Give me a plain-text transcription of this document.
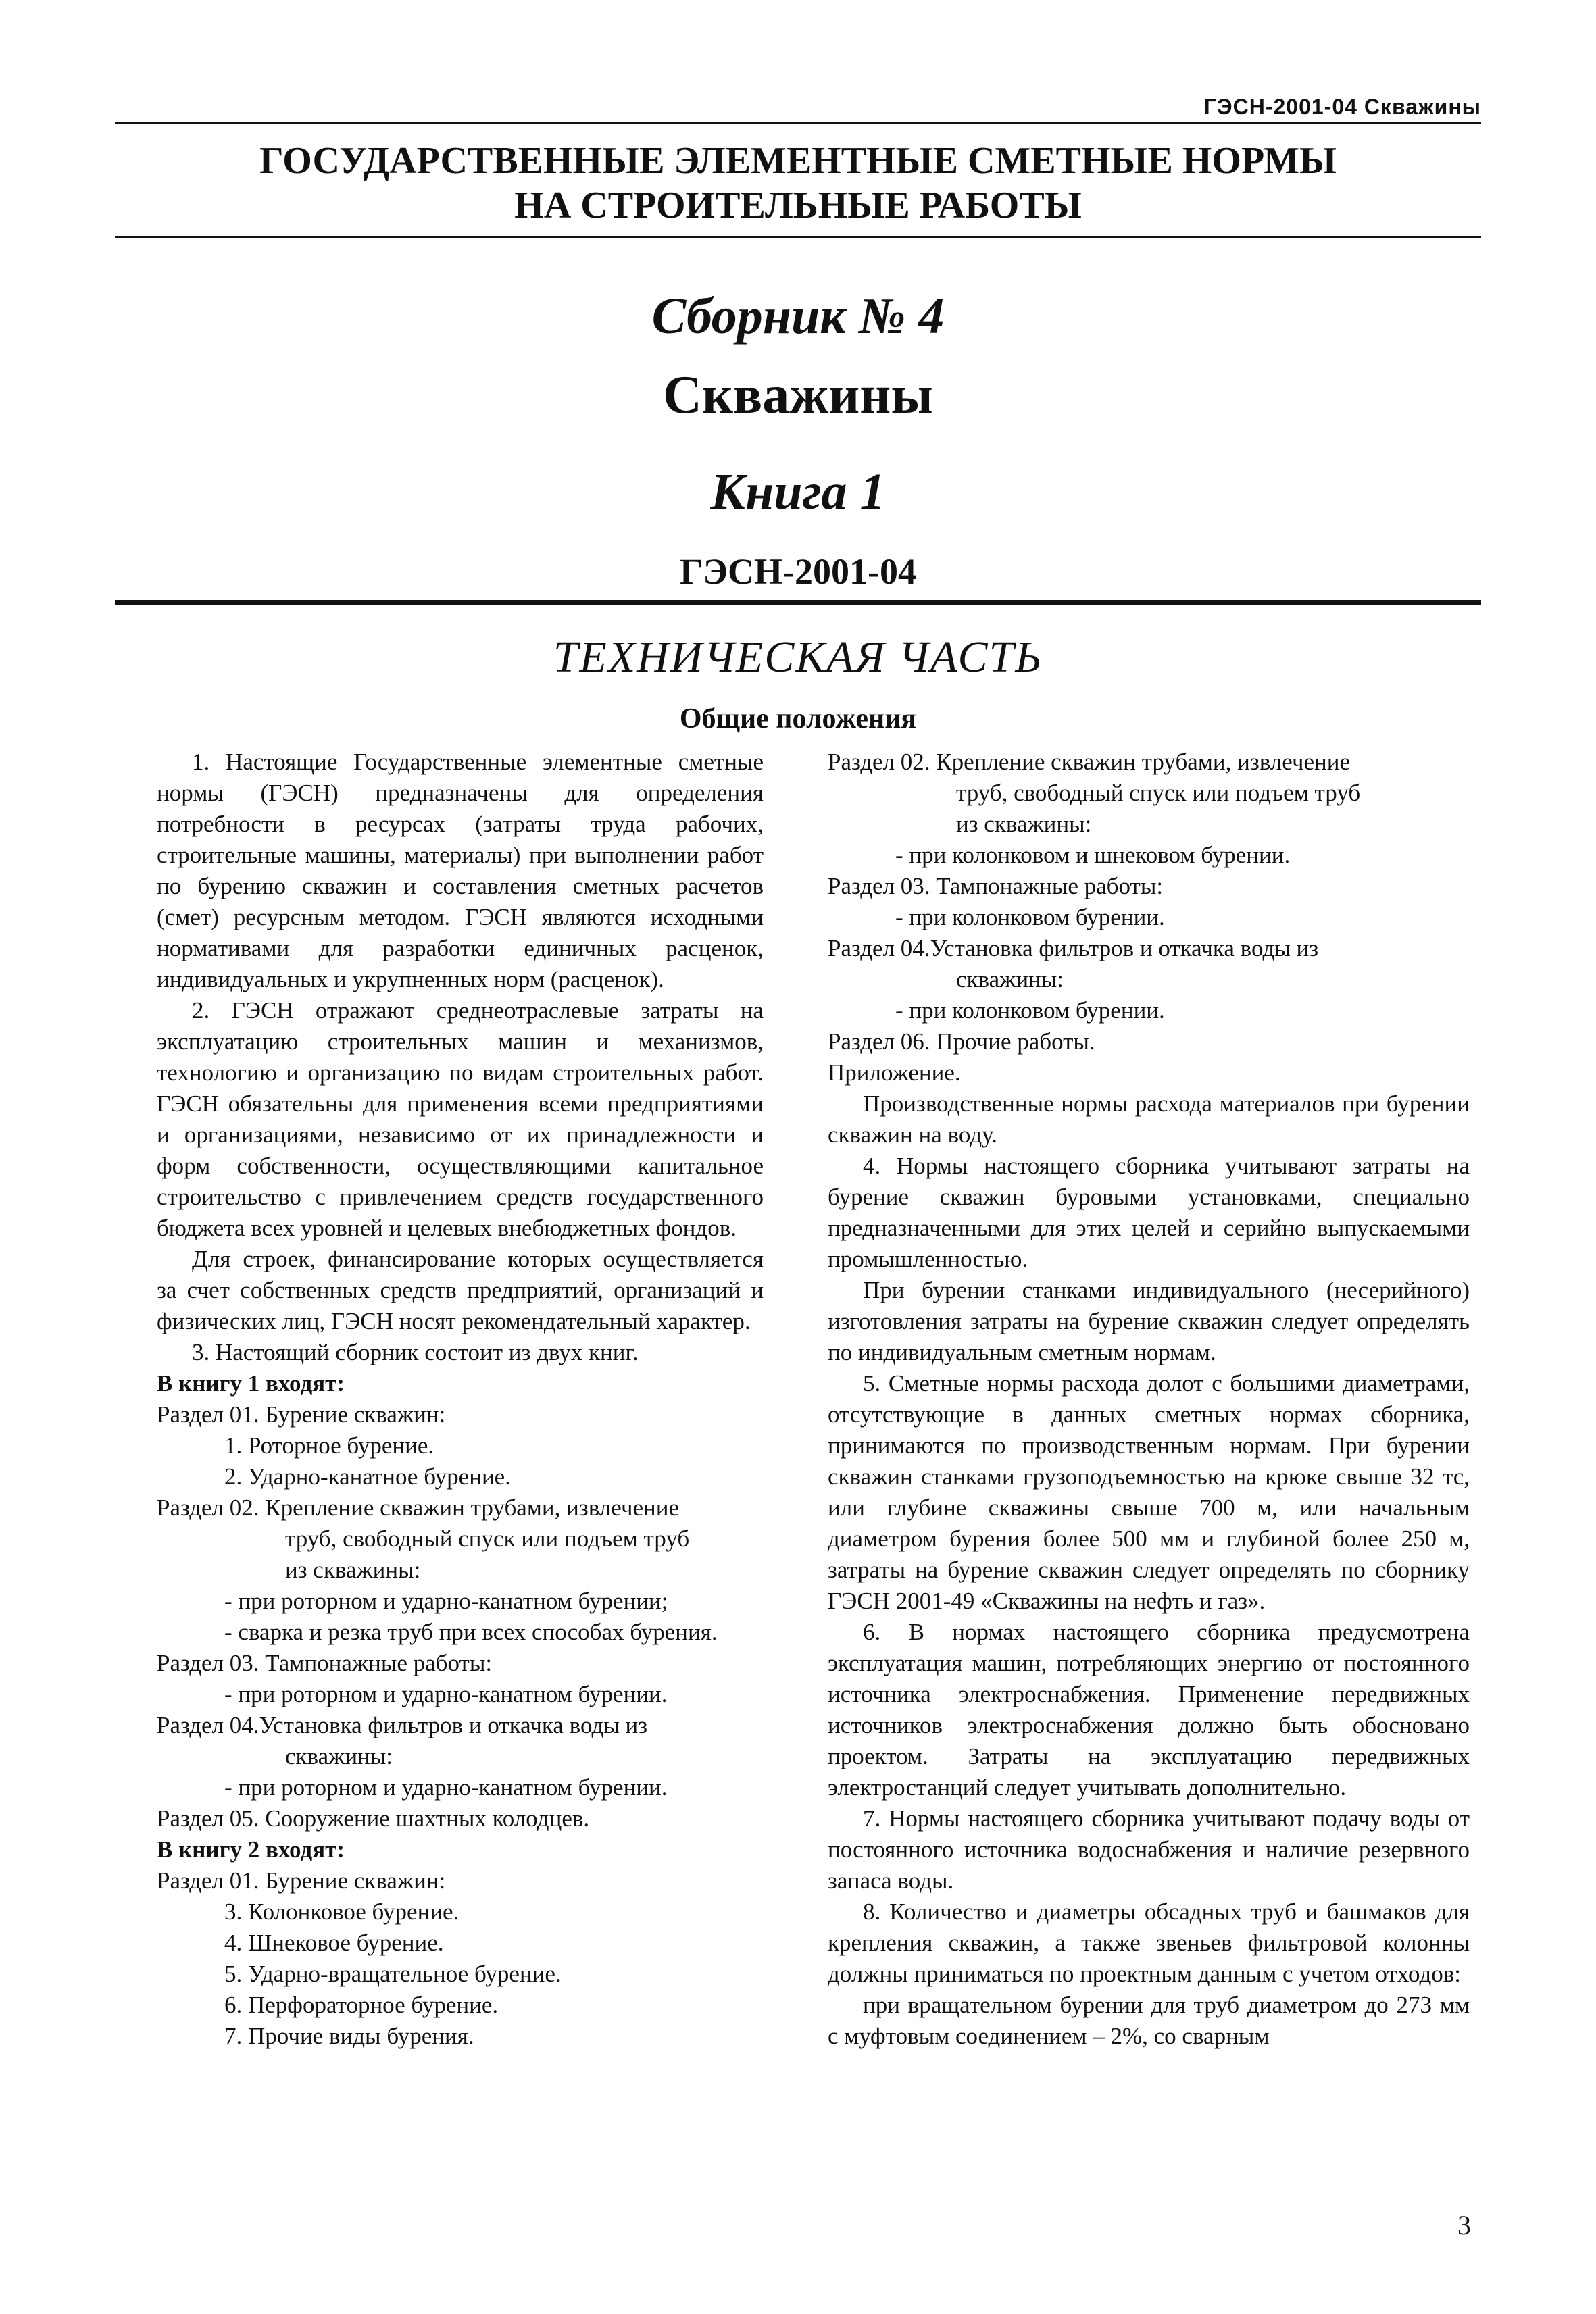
ГЭСН-2001-04 Скважины
ГОСУДАРСТВЕННЫЕ ЭЛЕМЕНТНЫЕ СМЕТНЫЕ НОРМЫ
НА СТРОИТЕЛЬНЫЕ РАБОТЫ
Сборник № 4
Скважины
Книга 1
ГЭСН-2001-04
ТЕХНИЧЕСКАЯ ЧАСТЬ
Общие положения

1. Настоящие Государственные элементные сметные нормы (ГЭСН) предназначены для определения потребности в ресурсах (затраты труда рабочих, строительные машины, материалы) при выполнении работ по бурению скважин и составления сметных расчетов (смет) ресурсным методом. ГЭСН являются исходными нормативами для разработки единичных расценок, индивидуальных и укрупненных норм (расценок).

2. ГЭСН отражают среднеотраслевые затраты на эксплуатацию строительных машин и механизмов, технологию и организацию по видам строительных работ. ГЭСН обязательны для применения всеми предприятиями и организациями, независимо от их принадлежности и форм собственности, осуществляющими капитальное строительство с привлечением средств государственного бюджета всех уровней и целевых внебюджетных фондов.

Для строек, финансирование которых осуществляется за счет собственных средств предприятий, организаций и физических лиц, ГЭСН носят рекомендательный характер.

3. Настоящий сборник состоит из двух книг.

В книгу 1 входят:

Раздел 01. Бурение скважин:

1. Роторное бурение.

2. Ударно-канатное бурение.

Раздел 02. Крепление скважин трубами, извлечение

труб, свободный спуск или подъем труб

из скважины:

- при роторном и ударно-канатном бурении;

- сварка и резка труб при всех способах бурения.

Раздел 03. Тампонажные работы:

- при роторном и ударно-канатном бурении.

Раздел 04.Установка фильтров и откачка воды из

скважины:

- при роторном и ударно-канатном бурении.

Раздел 05. Сооружение шахтных колодцев.

В книгу 2 входят:

Раздел 01. Бурение скважин:

3. Колонковое бурение.

4. Шнековое бурение.

5. Ударно-вращательное бурение.

6. Перфораторное бурение.

7. Прочие виды бурения.

Раздел 02. Крепление скважин трубами, извлечение

труб, свободный спуск или подъем труб

из скважины:

- при колонковом и шнековом бурении.

Раздел 03. Тампонажные работы:

- при колонковом бурении.

Раздел 04.Установка фильтров и откачка воды из

скважины:

- при колонковом бурении.

Раздел 06. Прочие работы.

Приложение.

Производственные нормы расхода материалов при бурении скважин на воду.

4. Нормы настоящего сборника учитывают затраты на бурение скважин буровыми установками, специально предназначенными для этих целей и серийно выпускаемыми промышленностью.

При бурении станками индивидуального (несерийного) изготовления затраты на бурение скважин следует определять по индивидуальным сметным нормам.

5. Сметные нормы расхода долот с большими диаметрами, отсутствующие в данных сметных нормах сборника, принимаются по производственным нормам. При бурении скважин станками грузоподъемностью на крюке свыше 32 тс, или глубине скважины свыше 700 м, или начальным диаметром бурения более 500 мм и глубиной более 250 м, затраты на бурение скважин следует определять по сборнику ГЭСН 2001-49 «Скважины на нефть и газ».

6. В нормах настоящего сборника предусмотрена эксплуатация машин, потребляющих энергию от постоянного источника электроснабжения. Применение передвижных источников электроснабжения должно быть обосновано проектом. Затраты на эксплуатацию передвижных электростанций следует учитывать дополнительно.

7. Нормы настоящего сборника учитывают подачу воды от постоянного источника водоснабжения и наличие резервного запаса воды.

8. Количество и диаметры обсадных труб и башмаков для крепления скважин, а также звеньев фильтровой колонны должны приниматься по проектным данным с учетом отходов:

при вращательном бурении для труб диаметром до 273 мм с муфтовым соединением – 2%, со сварным

3
